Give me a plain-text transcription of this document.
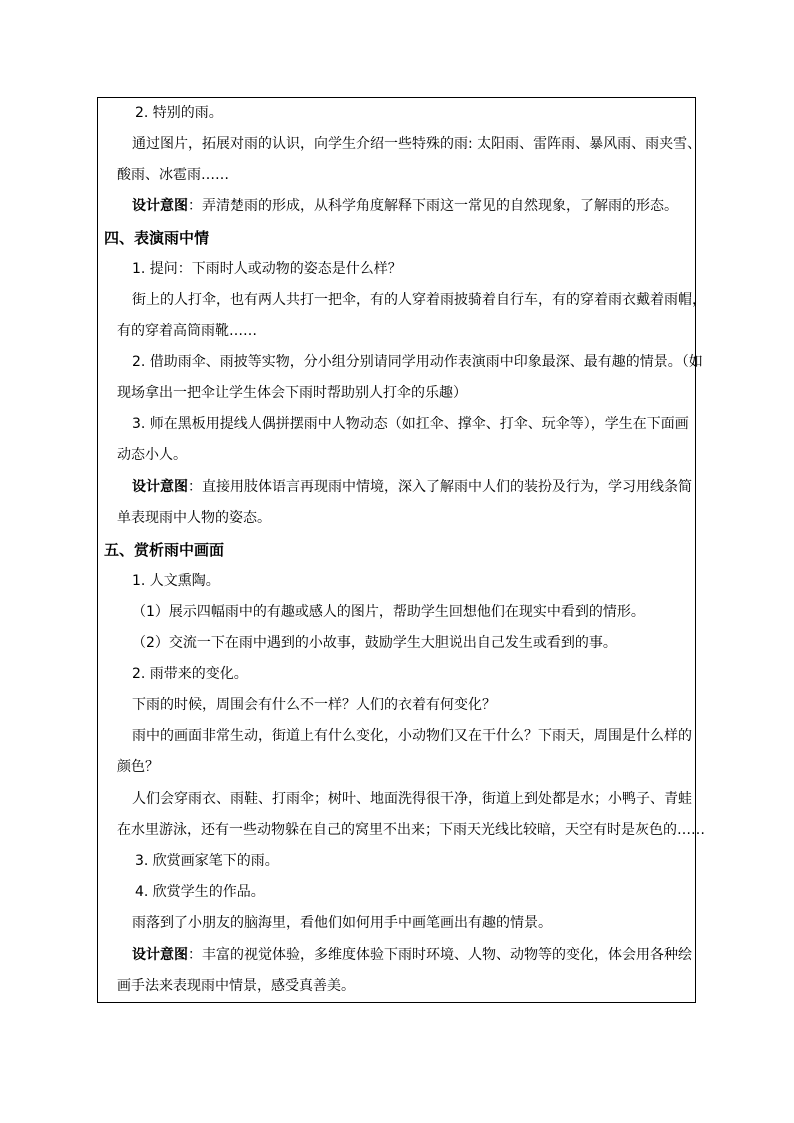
2. 特别的雨。
通过图片，拓展对雨的认识，向学生介绍一些特殊的雨: 太阳雨、雷阵雨、暴风雨、雨夹雪、
酸雨、冰雹雨……
设计意图：弄清楚雨的形成，从科学角度解释下雨这一常见的自然现象，了解雨的形态。
四、表演雨中情
1. 提问：下雨时人或动物的姿态是什么样？
街上的人打伞，也有两人共打一把伞，有的人穿着雨披骑着自行车，有的穿着雨衣戴着雨帽，
有的穿着高筒雨靴……
2. 借助雨伞、雨披等实物，分小组分别请同学用动作表演雨中印象最深、最有趣的情景。（如
现场拿出一把伞让学生体会下雨时帮助别人打伞的乐趣）
3. 师在黑板用提线人偶拼摆雨中人物动态（如扛伞、撑伞、打伞、玩伞等），学生在下面画
动态小人。
设计意图：直接用肢体语言再现雨中情境，深入了解雨中人们的装扮及行为，学习用线条简
单表现雨中人物的姿态。
五、赏析雨中画面
1. 人文熏陶。
（1）展示四幅雨中的有趣或感人的图片，帮助学生回想他们在现实中看到的情形。
（2）交流一下在雨中遇到的小故事，鼓励学生大胆说出自己发生或看到的事。
2. 雨带来的变化。
下雨的时候，周围会有什么不一样？人们的衣着有何变化？
雨中的画面非常生动，街道上有什么变化，小动物们又在干什么？下雨天，周围是什么样的
颜色？
人们会穿雨衣、雨鞋、打雨伞；树叶、地面洗得很干净，街道上到处都是水；小鸭子、青蛙
在水里游泳，还有一些动物躲在自己的窝里不出来；下雨天光线比较暗，天空有时是灰色的……
3. 欣赏画家笔下的雨。
4. 欣赏学生的作品。
雨落到了小朋友的脑海里，看他们如何用手中画笔画出有趣的情景。
设计意图：丰富的视觉体验，多维度体验下雨时环境、人物、动物等的变化，体会用各种绘
画手法来表现雨中情景，感受真善美。
